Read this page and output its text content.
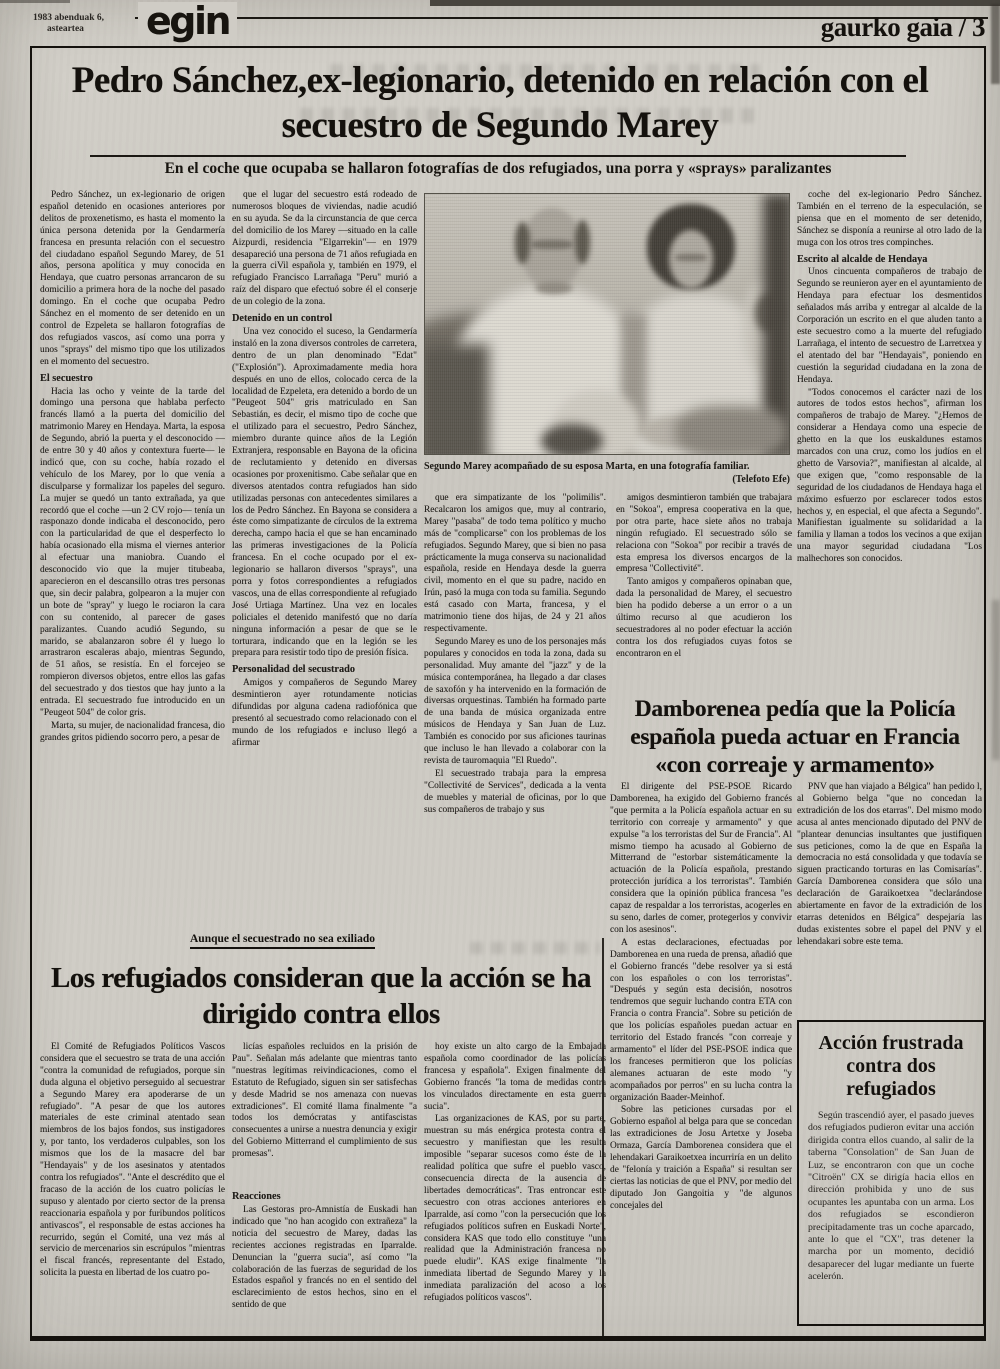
1983 abenduak 6,
asteartea	egin	gaurko gaia / 3
Pedro Sánchez,ex-legionario, detenido en relación con el secuestro de Segundo Marey
En el coche que ocupaba se hallaron fotografías de dos refugiados, una porra y «sprays» paralizantes

Pedro Sánchez, un ex-legionario de origen español detenido en ocasiones anteriores por delitos de proxenetismo, es hasta el momento la única persona detenida por la Gendarmería francesa en presunta relación con el secuestro del ciudadano español Segundo Marey, de 51 años, persona apolítica y muy conocida en Hendaya, que cuatro personas arrancaron de su domicilio a primera hora de la noche del pasado domingo. En el coche que ocupaba Pedro Sánchez en el momento de ser detenido en un control de Ezpeleta se hallaron fotografías de dos refugiados vascos, así como una porra y unos "sprays" del mismo tipo que los utilizados en el momento del secuestro.

El secuestro

Hacia las ocho y veinte de la tarde del domingo una persona que hablaba perfecto francés llamó a la puerta del domicilio del matrimonio Marey en Hendaya. Marta, la esposa de Segundo, abrió la puerta y el desconocido —de entre 30 y 40 años y contextura fuerte— le indicó que, con su coche, había rozado el vehículo de los Marey, por lo que venía a disculparse y formalizar los papeles del seguro. La mujer se quedó un tanto extrañada, ya que recordó que el coche —un 2 CV rojo— tenía un rasponazo donde indicaba el desconocido, pero con la particularidad de que el desperfecto lo había ocasionado ella misma el viernes anterior al efectuar una maniobra. Cuando el desconocido vio que la mujer titubeaba, aparecieron en el descansillo otras tres personas que, sin decir palabra, golpearon a la mujer con un bote de "spray" y luego le rociaron la cara con su contenido, al parecer de gases paralizantes. Cuando acudió Segundo, su marido, se abalanzaron sobre él y luego lo arrastraron escaleras abajo, mientras Segundo, de 51 años, se resistía. En el forcejeo se rompieron diversos objetos, entre ellos las gafas del secuestrado y dos tiestos que hay junto a la entrada. El secuestrado fue introducido en un "Peugeot 504" de color gris.

Marta, su mujer, de nacionalidad francesa, dio grandes gritos pidiendo socorro pero, a pesar de

que el lugar del secuestro está rodeado de numerosos bloques de viviendas, nadie acudió en su ayuda. Se da la circunstancia de que cerca del domicilio de los Marey —situado en la calle Aizpurdi, residencia "Elgarrekin"— en 1979 desapareció una persona de 71 años refugiada en la guerra ciVil española y, también en 1979, el refugiado Francisco Larrañaga "Peru" murió a raíz del disparo que efectuó sobre él el conserje de un colegio de la zona.

Detenido en un control

Una vez conocido el suceso, la Gendarmería instaló en la zona diversos controles de carretera, dentro de un plan denominado "Edat" ("Explosión"). Aproximadamente media hora después en uno de ellos, colocado cerca de la localidad de Ezpeleta, era detenido a bordo de un "Peugeot 504" gris matriculado en San Sebastián, es decir, el mismo tipo de coche que el utilizado para el secuestro, Pedro Sánchez, miembro durante quince años de la Legión Extranjera, responsable en Bayona de la oficina de reclutamiento y detenido en diversas ocasiones por proxenitismo. Cabe señalar que en diversos atentados contra refugiados han sido utilizadas personas con antecedentes similares a los de Pedro Sánchez. En Bayona se considera a éste como simpatizante de círculos de la extrema derecha, campo hacia el que se han encaminado las primeras investigaciones de la Policía francesa. En el coche ocupado por el ex-legionario se hallaron diversos "sprays", una porra y fotos correspondientes a refugiados vascos, una de ellas correspondiente al refugiado José Urtiaga Martínez. Una vez en locales policiales el detenido manifestó que no daría ninguna información a pesar de que se le torturara, indicando que en la legión se les prepara para resistir todo tipo de presión física.

Personalidad del secustrado

Amigos y compañeros de Segundo Marey desmintieron ayer rotundamente noticias difundidas por alguna cadena radiofónica que presentó al secuestrado como relacionado con el mundo de los refugiados e incluso llegó a afirmar

Segundo Marey acompañado de su esposa Marta, en una fotografía familiar.
(Telefoto Efe)

que era simpatizante de los "polimilis". Recalcaron los amigos que, muy al contrario, Marey "pasaba" de todo tema político y mucho más de "complicarse" con los problemas de los refugiados. Segundo Marey, que si bien no pasa prácticamente la muga conserva su nacionalidad española, reside en Hendaya desde la guerra civil, momento en el que su padre, nacido en Irún, pasó la muga con toda su familia. Segundo está casado con Marta, francesa, y el matrimonio tiene dos hijas, de 24 y 21 años respectivamente.

Segundo Marey es uno de los personajes más populares y conocidos en toda la zona, dada su personalidad. Muy amante del "jazz" y de la música contemporánea, ha llegado a dar clases de saxofón y ha intervenido en la formación de diversas orquestinas. También ha formado parte de una banda de música organizada entre músicos de Hendaya y San Juan de Luz. También es conocido por sus aficiones taurinas que incluso le han llevado a colaborar con la revista de tauromaquia "El Ruedo".

El secuestrado trabaja para la empresa "Collectivité de Services", dedicada a la venta de muebles y material de oficinas, por lo que sus compañeros de trabajo y sus

amigos desmintieron también que trabajara en "Sokoa", empresa cooperativa en la que, por otra parte, hace siete años no trabaja ningún refugiado. El secuestrado sólo se relaciona con "Sokoa" por recibir a través de esta empresa los diversos encargos de la empresa "Collectivité".

Tanto amigos y compañeros opinaban que, dada la personalidad de Marey, el secuestro bien ha podido deberse a un error o a un último recurso al que acudieron los secuestradores al no poder efectuar la acción contra los dos refugiados cuyas fotos se encontraron en el

coche del ex-legionario Pedro Sánchez. También en el terreno de la especulación, se piensa que en el momento de ser detenido, Sánchez se disponía a reunirse al otro lado de la muga con los otros tres compinches.

Escrito al alcalde de Hendaya

Unos cincuenta compañeros de trabajo de Segundo se reunieron ayer en el ayuntamiento de Hendaya para efectuar los desmentidos señalados más arriba y entregar al alcalde de la Corporación un escrito en el que aluden tanto a este secuestro como a la muerte del refugiado Larrañaga, el intento de secuestro de Larretxea y el atentado del bar "Hendayais", poniendo en cuestión la seguridad ciudadana en la zona de Hendaya.

"Todos conocemos el carácter nazi de los autores de todos estos hechos", afirman los compañeros de trabajo de Marey. "¿Hemos de considerar a Hendaya como una especie de ghetto en la que los euskaldunes estamos marcados con una cruz, como los judíos en el ghetto de Varsovia?", manifiestan al alcalde, al que exigen que, "como responsable de la seguridad de los ciudadanos de Hendaya haga el máximo esfuerzo por esclarecer todos estos hechos y, en especial, el que afecta a Segundo". Manifiestan igualmente su solidaridad a la familia y llaman a todos los vecinos a que exijan una mayor seguridad ciudadana "Los malhechores son conocidos.

Damborenea pedía que la Policía española pueda actuar en Francia «con correaje y armamento»

El dirigente del PSE-PSOE Ricardo Damborenea, ha exigido del Gobierno francés "que permita a la Policía española actuar en su territorio con correaje y armamento" y que expulse "a los terroristas del Sur de Francia". Al mismo tiempo ha acusado al Gobierno de Mitterrand de "estorbar sistemáticamente la actuación de la Policía española, prestando protección jurídica a los terroristas". También considera que la opinión pública francesa "es capaz de respaldar a los terroristas, acogerles en su seno, darles de comer, protegerlos y convivir con los asesinos".

A estas declaraciones, efectuadas por Damborenea en una rueda de prensa, añadió que el Gobierno francés "debe resolver ya si está con los españoles o con los terroristas". "Después y según esta decisión, nosotros tendremos que seguir luchando contra ETA con Francia o contra Francia". Sobre su petición de que los policías españoles puedan actuar en territorio del Estado francés "con correaje y armamento" el líder del PSE-PSOE indica que los franceses permitieron que los policías alemanes actuaran de este modo "y acompañados por perros" en su lucha contra la organización Baader-Meinhof.

Sobre las peticiones cursadas por el Gobierno español al belga para que se concedan las extradiciones de Josu Artetxe y Joseba Ormaza, García Damborenea considera que el lehendakari Garaikoetxea incurriría en un delito de "felonía y traición a España" si resultan ser ciertas las noticias de que el PNV, por medio del diputado Jon Gangoitia y "de algunos concejales del

PNV que han viajado a Bélgica" han pedido l, al Gobierno belga "que no concedan la extradición de los dos etarras". Del mismo modo acusa al antes mencionado diputado del PNV de "plantear denuncias insultantes que justifiquen sus peticiones, como la de que en España la democracia no está consolidada y que todavía se siguen practicando torturas en las Comisarías". García Damborenea considera que sólo una declaración de Garaikoetxea "declarándose abiertamente en favor de la extradición de los etarras detenidos en Bélgica" despejaría las dudas existentes sobre el papel del PNV y el lehendakari sobre este tema.

Aunque el secuestrado no sea exiliado
Los refugiados consideran que la acción se ha dirigido contra ellos

El Comité de Refugiados Políticos Vascos considera que el secuestro se trata de una acción "contra la comunidad de refugiados, porque sin duda alguna el objetivo perseguido al secuestrar a Segundo Marey era apoderarse de un refugiado". "A pesar de que los autores materiales de este criminal atentado sean miembros de los bajos fondos, sus instigadores y, por tanto, los verdaderos culpables, son los mismos que los de la masacre del bar "Hendayais" y de los asesinatos y atentados contra los refugiados". "Ante el descrédito que el fracaso de la acción de los cuatro policías le supuso y alentado por cierto sector de la prensa reaccionaria española y por furibundos políticos antivascos", el responsable de estas acciones ha recurrido, según el Comité, una vez más al servicio de mercenarios sin escrúpulos "mientras el fiscal francés, representante del Estado, solicita la puesta en libertad de los cuatro po-

licías españoles recluidos en la prisión de Pau". Señalan más adelante que mientras tanto "nuestras legítimas reivindicaciones, como el Estatuto de Refugiado, siguen sin ser satisfechas y desde Madrid se nos amenaza con nuevas extradiciones". El comité llama finalmente "a todos los demócratas y antifascistas consecuentes a unirse a nuestra denuncia y exigir del Gobierno Mitterrand el cumplimiento de sus promesas".

Reacciones

Las Gestoras pro-Amnistía de Euskadi han indicado que "no han acogido con extrañeza" la noticia del secuestro de Marey, dadas las recientes acciones registradas en Iparralde. Denuncian la "guerra sucia", así como "la colaboración de las fuerzas de seguridad de los Estados español y francés no en el sentido del esclarecimiento de estos hechos, sino en el sentido de que

hoy existe un alto cargo de la Embajada española como coordinador de las policías francesa y española". Exigen finalmente del Gobierno francés "la toma de medidas contra los vinculados directamente en esta guerra sucia".

Las organizaciones de KAS, por su parte, muestran su más enérgica protesta contra el secuestro y manifiestan que les resulta imposible "separar sucesos como éste de la realidad política que sufre el pueblo vasco, consecuencia directa de la ausencia de libertades democráticas". Tras entroncar este secuestro con otras acciones anteriores en Iparralde, así como "con la persecución que los refugiados políticos sufren en Euskadi Norte", considera KAS que todo ello constituye "una realidad que la Administración francesa no puede eludir". KAS exige finalmente "la inmediata libertad de Segundo Marey y la inmediata paralización del acoso a los refugiados políticos vascos".

Acción frustrada contra dos refugiados

Según trascendió ayer, el pasado jueves dos refugiados pudieron evitar una acción dirigida contra ellos cuando, al salir de la taberna "Consolation" de San Juan de Luz, se encontraron con que un coche "Citroën" CX se dirigía hacia ellos en dirección prohibida y uno de sus ocupantes les apuntaba con un arma. Los dos refugiados se escondieron precipitadamente tras un coche aparcado, ante lo que el "CX", tras detener la marcha por un momento, decidió desaparecer del lugar mediante un fuerte acelerón.
